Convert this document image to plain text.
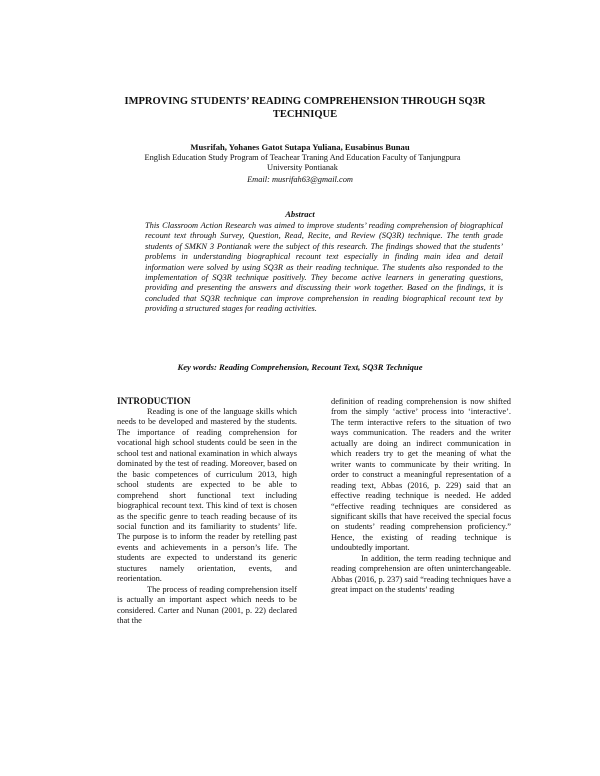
IMPROVING STUDENTS’ READING COMPREHENSION THROUGH SQ3R TECHNIQUE
Musrifah, Yohanes Gatot Sutapa Yuliana, Eusabinus Bunau
English Education Study Program of Teachear Traning And Education Faculty of Tanjungpura University Pontianak
Email: musrifah63@gmail.com
Abstract
This Classroom Action Research was aimed to improve students’ reading comprehension of biographical recount text through Survey, Question, Read, Recite, and Review (SQ3R) technique. The tenth grade students of SMKN 3 Pontianak were the subject of this research. The findings showed that the students’ problems in understanding biographical recount text especially in finding main idea and detail information were solved by using SQ3R as their reading technique. The students also responded to the implementation of SQ3R technique positively. They become active learners in generating questions, providing and presenting the answers and discussing their work together. Based on the findings, it is concluded that SQ3R technique can improve comprehension in reading biographical recount text by providing a structured stages for reading activities.
Key words: Reading Comprehension, Recount Text, SQ3R Technique
INTRODUCTION

Reading is one of the language skills which needs to be developed and mastered by the students. The importance of reading comprehension for vocational high school students could be seen in the school test and national examination in which always dominated by the test of reading. Moreover, based on the basic competences of curriculum 2013, high school students are expected to be able to comprehend short functional text including biographical recount text. This kind of text is chosen as the specific genre to teach reading because of its social function and its familiarity to students’ life. The purpose is to inform the reader by retelling past events and achievements in a person’s life. The students are expected to understand its generic stuctures namely orientation, events, and reorientation.

The process of reading comprehension itself is actually an important aspect which needs to be considered. Carter and Nunan (2001, p. 22) declared that the

definition of reading comprehension is now shifted from the simply ‘active’ process into ‘interactive’. The term interactive refers to the situation of two ways communication. The readers and the writer actually are doing an indirect communication in which readers try to get the meaning of what the writer wants to communicate by their writing. In order to construct a meaningful representation of a reading text, Abbas (2016, p. 229) said that an effective reading technique is needed. He added “effective reading techniques are considered as significant skills that have received the special focus on students’ reading comprehension proficiency.” Hence, the existing of reading technique is undoubtedly important.

In addition, the term reading technique and reading comprehension are often uninterchangeable. Abbas (2016, p. 237) said “reading techniques have a great impact on the students’ reading
